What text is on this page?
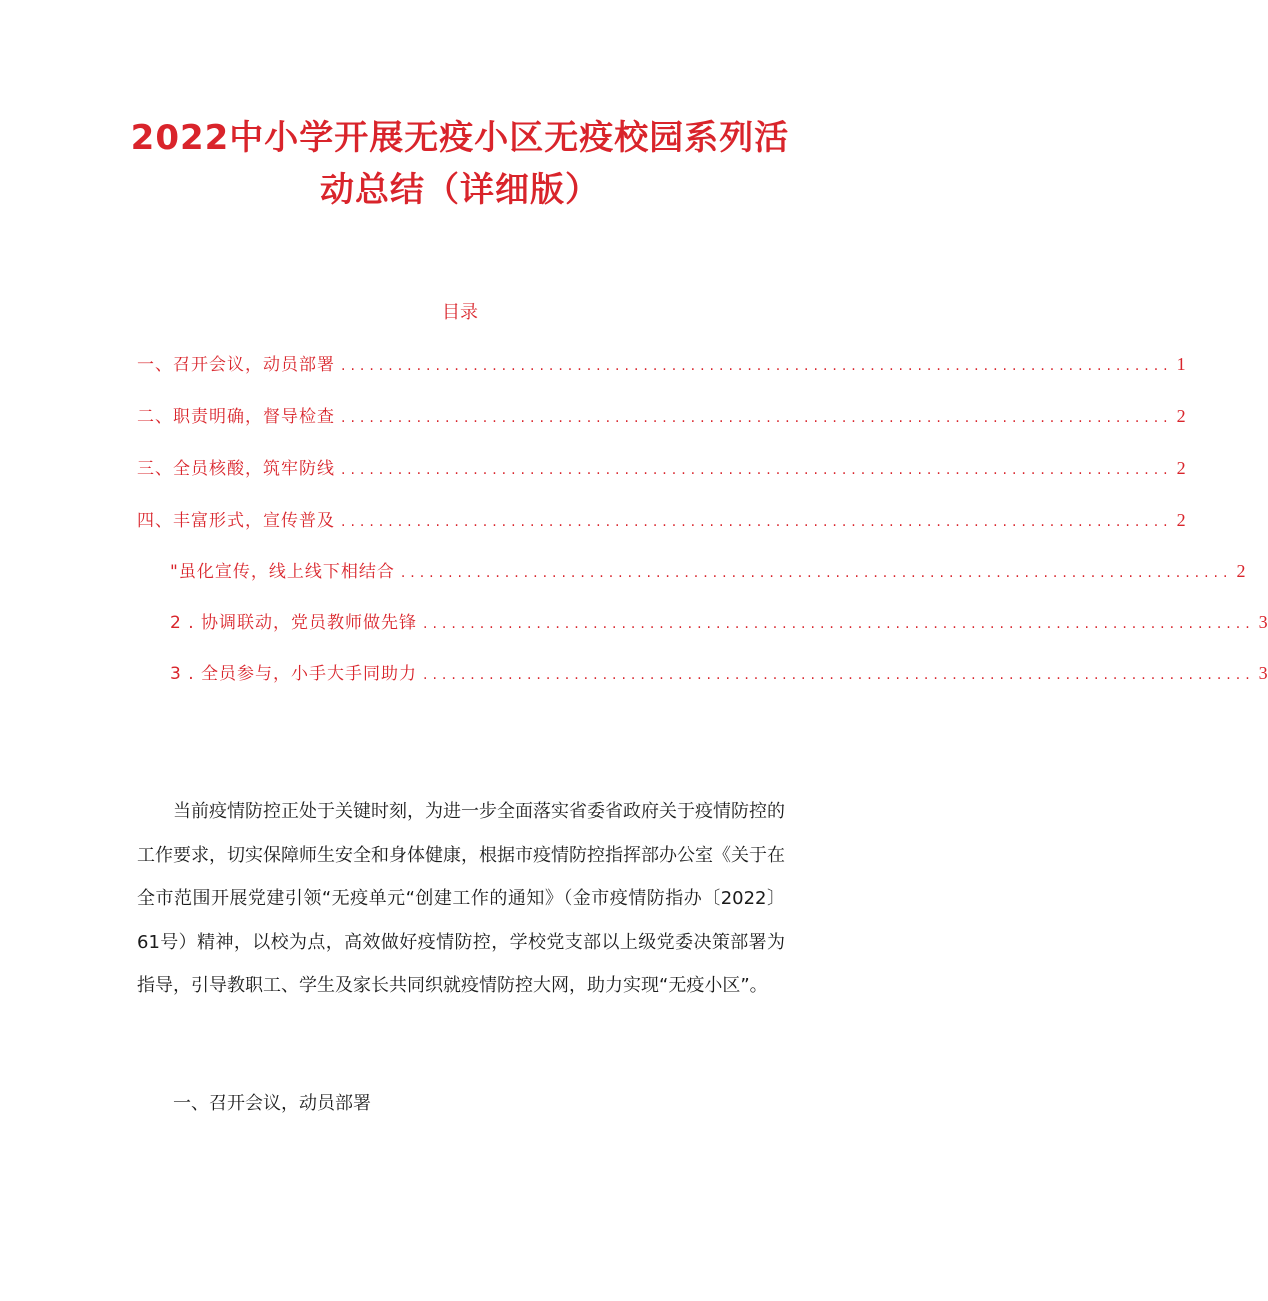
2022中小学开展无疫小区无疫校园系列活
动总结（详细版）
目录
一、召开会议，动员部署 ........................................................................................ 1
二、职责明确，督导检查 ........................................................................................ 2
三、全员核酸，筑牢防线 ........................................................................................ 2
四、丰富形式，宣传普及 ........................................................................................ 2
"虽化宣传，线上线下相结合 ........................................................................................ 2
2 . 协调联动，党员教师做先锋 ........................................................................................ 3
3 . 全员参与，小手大手同助力 ........................................................................................ 3

当前疫情防控正处于关键时刻，为进一步全面落实省委省政府关于疫情防控的工作要求，切实保障师生安全和身体健康，根据市疫情防控指挥部办公室《关于在全市范围开展党建引领“无疫单元“创建工作的通知》（金市疫情防指办〔2022〕61号）精神，以校为点，高效做好疫情防控，学校党支部以上级党委决策部署为指导，引导教职工、学生及家长共同织就疫情防控大网，助力实现“无疫小区”。

一、召开会议，动员部署
